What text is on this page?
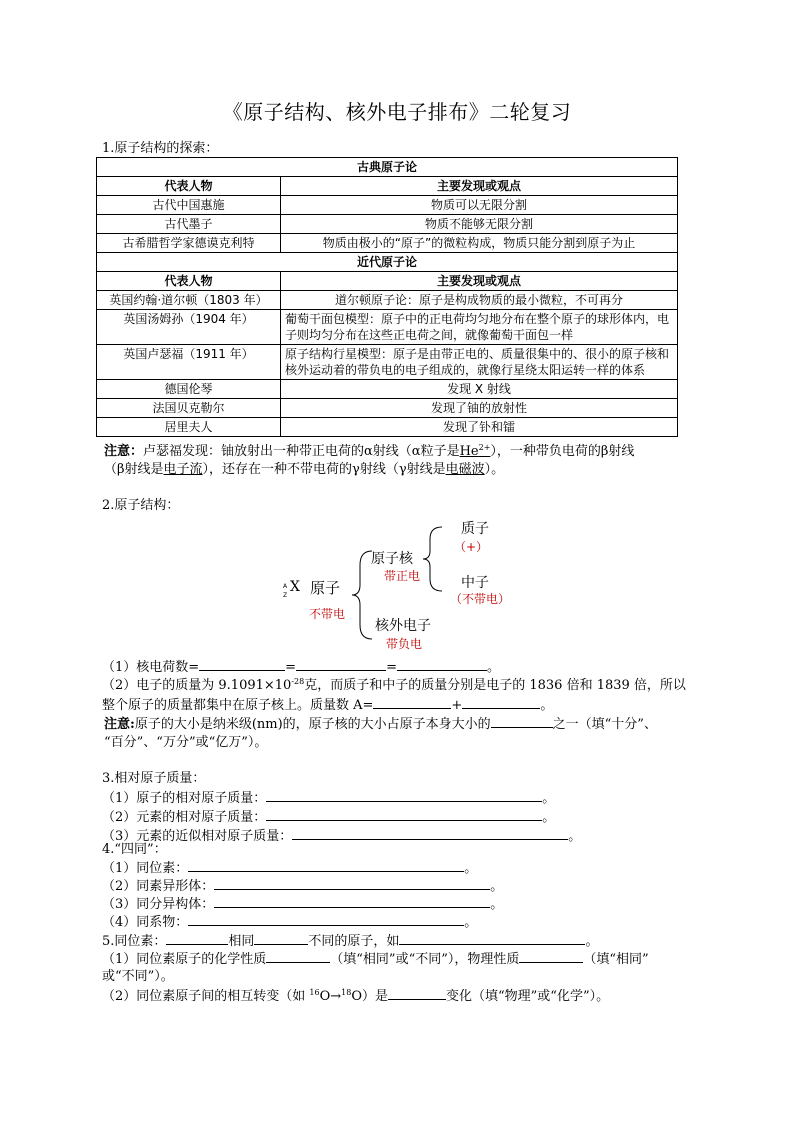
《原子结构、核外电子排布》二轮复习
1.原子结构的探索：
古典原子论	
代表人物	主要发现或观点
古代中国惠施	物质可以无限分割
古代墨子	物质不能够无限分割
古希腊哲学家德谟克利特	物质由极小的“原子”的微粒构成，物质只能分割到原子为止
近代原子论	
代表人物	主要发现或观点
英国约翰·道尔顿（1803 年）	道尔顿原子论：原子是构成物质的最小微粒，不可再分
英国汤姆孙（1904 年）	葡萄干面包模型：原子中的正电荷均匀地分布在整个原子的球形体内，电子则均匀分布在这些正电荷之间，就像葡萄干面包一样
英国卢瑟福（1911 年）	原子结构行星模型：原子是由带正电的、质量很集中的、很小的原子核和核外运动着的带负电的电子组成的，就像行星绕太阳运转一样的体系
德国伦琴	发现 X 射线
法国贝克勒尔	发现了铀的放射性
居里夫人	发现了钋和镭
注意：卢瑟福发现：铀放射出一种带正电荷的α射线（α粒子是$He^{2+}$），一种带负电荷的β射线
（β射线是电子流），还存在一种不带电荷的γ射线（γ射线是电磁波）。
2.原子结构：
A
Z
X 原子
不带电
原子核
带正电
质子
（+）
中子
（不带电）
核外电子
带负电
（1）核电荷数=	=	=	。
（2）电子的质量为 $9.1091\times 10^{-28}$克，而质子和中子的质量分别是电子的 1836 倍和 1839 倍，所以
整个原子的质量都集中在原子核上。质量数 A=	+	。
注意:原子的大小是纳米级(nm)的，原子核的大小占原子本身大小的	之一（填“十分”、
“百分”、“万分”或“亿万”）。
3.相对原子质量：
（1）原子的相对原子质量：	。
（2）元素的相对原子质量：	。
（3）元素的近似相对原子质量：	。
4.“四同”：
（1）同位素：	。
（2）同素异形体：	。
（3）同分异构体：	。
（4）同系物：	。
5.同位素：	相同	不同的原子，如	。
（1）同位素原子的化学性质	（填“相同”或“不同”），物理性质	（填“相同”
或“不同”）。
（2）同位素原子间的相互转变（如 $^{16}$O→$^{18}$O）是	变化（填“物理”或“化学”）。
